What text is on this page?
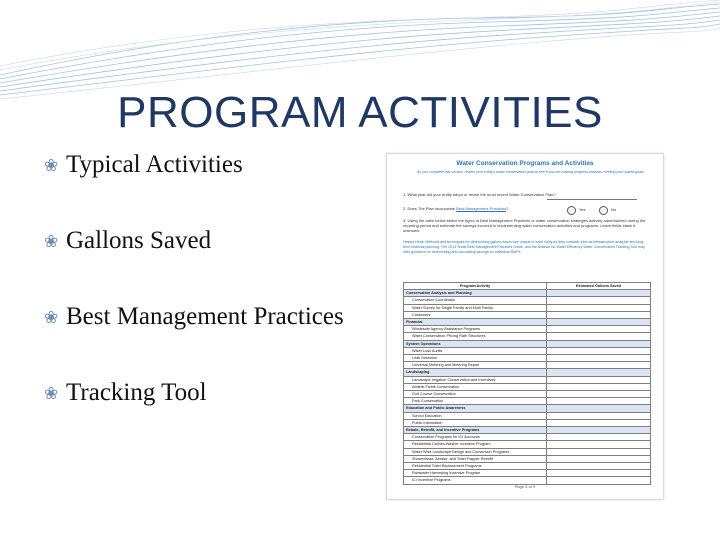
PROGRAM ACTIVITIES
❀ Typical Activities
❀ Gallons Saved
❀ Best Management Practices
❀ Tracking Tool
Water Conservation Programs and Activities
As you complete this section, review your entity's water conservation plan to see if you are making progress towards meeting your stated goals.
1. What year did your entity adopt or revise the most recent Water Conservation Plan?
2. Does The Plan incorporate Best Management Practices?	Yes	No
3. Using the table below select the types of Best Management Practices or water conservation strategies actively administered during the reporting period and estimate the savings incurred in implementing water conservation activities and programs. Leave fields blank if unknown.
Helpful Hints: Methods and techniques for determining gallons saved are unique to each utility as they consider internal infrastructure analysis and long-term financial planning. The 2013 Texas Best Management Practices Guide, and the Alliance for Water Efficiency Water Conservation Tracking Tool may offer guidance on determining and calculating savings for individual BMPs.
Program/Activity	Estimated Gallons Saved
Conservation Analysis and Planning	
Conservation Coordinator	
Water Survey for Single Family and Multi Family	
Customers	
Financial	
Wholesale Agency Assistance Programs	
Water Conservation Pricing Rate Structures	
System Operations	
Water Loss Audits	
Leak Detection	
Universal Metering and Metering Repair	
Landscaping	
Landscape Irrigation Conservation and Incentives	
Athletic Fields Conservation	
Golf Course Conservation	
Park Conservation	
Education and Public Awareness	
School Education	
Public Information	
Rebate, Retrofit, and Incentive Programs	
Conservation Programs for ICI Accounts	
Residential Clothes Washer Incentive Program	
Water Wise Landscape Design and Conversion Programs	
Showerhead, Aerator, and Toilet Flapper Retrofit	
Residential Toilet Replacement Programs	
Rainwater Harvesting Incentive Program	
ICI Incentive Programs	
Page 5 of 9
